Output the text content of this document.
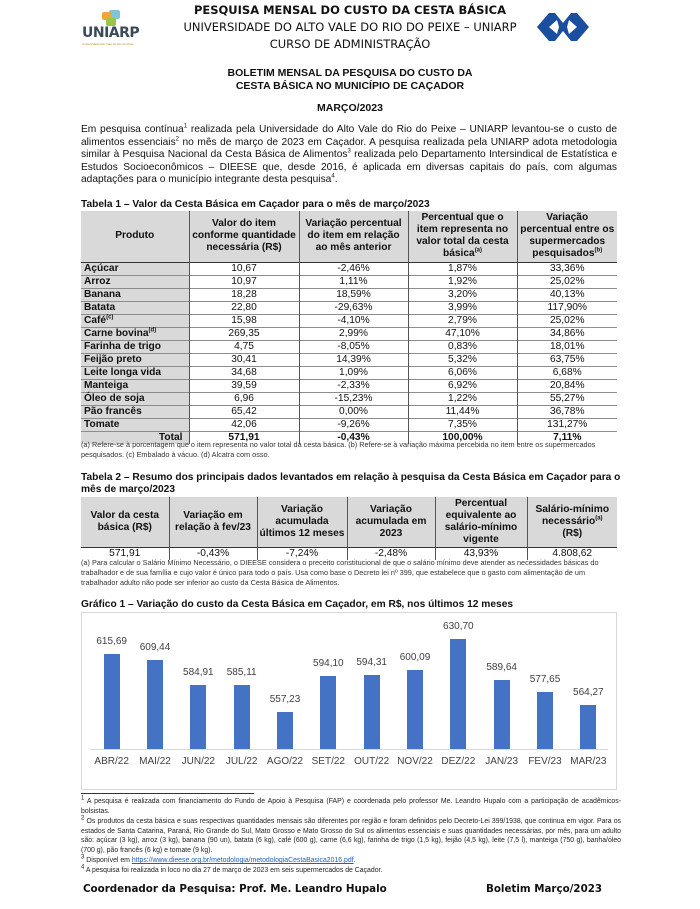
UNIARP
Universidade Alto Vale do Rio do Peixe
PESQUISA MENSAL DO CUSTO DA CESTA BÁSICA
UNIVERSIDADE DO ALTO VALE DO RIO DO PEIXE – UNIARP
CURSO DE ADMINISTRAÇÃO
BOLETIM MENSAL DA PESQUISA DO CUSTO DA
CESTA BÁSICA NO MUNICÍPIO DE CAÇADOR
MARÇO/2023

Em pesquisa contínua$^1$ realizada pela Universidade do Alto Vale do Rio do Peixe – UNIARP levantou-se o custo de alimentos essenciais$^2$ no mês de março de 2023 em Caçador. A pesquisa realizada pela UNIARP adota metodologia similar à Pesquisa Nacional da Cesta Básica de Alimentos$^3$ realizada pelo Departamento Intersindical de Estatística e Estudos Socioeconômicos – DIEESE que, desde 2016, é aplicada em diversas capitais do país, com algumas adaptações para o município integrante desta pesquisa$^4$.

Tabela 1 – Valor da Cesta Básica em Caçador para o mês de março/2023
Produto	Valor do item conforme quantidade necessária (R$)	Variação percentual do item em relação ao mês anterior	Percentual que o item representa no valor total da cesta básica$^{(a)}$	Variação percentual entre os supermercados pesquisados$^{(b)}$
Açúcar	10,67	-2,46%	1,87%	33,36%
Arroz	10,97	1,11%	1,92%	25,02%
Banana	18,28	18,59%	3,20%	40,13%
Batata	22,80	-29,63%	3,99%	117,90%
Café$^{(c)}$	15,98	-4,10%	2,79%	25,02%
Carne bovina$^{(d)}$	269,35	2,99%	47,10%	34,86%
Farinha de trigo	4,75	-8,05%	0,83%	18,01%
Feijão preto	30,41	14,39%	5,32%	63,75%
Leite longa vida	34,68	1,09%	6,06%	6,68%
Manteiga	39,59	-2,33%	6,92%	20,84%
Óleo de soja	6,96	-15,23%	1,22%	55,27%
Pão francês	65,42	0,00%	11,44%	36,78%
Tomate	42,06	-9,26%	7,35%	131,27%
Total	571,91	-0,43%	100,00%	7,11%
(a) Refere-se à porcentagem que o item representa no valor total da cesta básica. (b) Refere-se à variação máxima percebida no item entre os supermercados pesquisados. (c) Embalado à vácuo. (d) Alcatra com osso.
Tabela 2 – Resumo dos principais dados levantados em relação à pesquisa da Cesta Básica em Caçador para o mês de março/2023
Valor da cesta básica (R$)	Variação em relação à fev/23	Variação acumulada últimos 12 meses	Variação acumulada em 2023	Percentual equivalente ao salário-mínimo vigente	Salário-mínimo necessário$^{(a)}$
(R$)
571,91	-0,43%	-7,24%	-2,48%	43,93%	4.808,62
(a) Para calcular o Salário Mínimo Necessário, o DIEESE considera o preceito constitucional de que o salário mínimo deve atender as necessidades básicas do trabalhador e de sua família e cujo valor é único para todo o país. Usa como base o Decreto lei nº 399, que estabelece que o gasto com alimentação de um trabalhador adulto não pode ser inferior ao custo da Cesta Básica de Alimentos.
Gráfico 1 – Variação do custo da Cesta Básica em Caçador, em R$, nos últimos 12 meses
615,69
ABR/22
609,44
MAI/22
584,91
JUN/22
585,11
JUL/22
557,23
AGO/22
594,10
SET/22
594,31
OUT/22
600,09
NOV/22
630,70
DEZ/22
589,64
JAN/23
577,65
FEV/23
564,27
MAR/23
$^1$ A pesquisa é realizada com financiamento do Fundo de Apoio à Pesquisa (FAP) e coordenada pelo professor Me. Leandro Hupalo com a participação de acadêmicos-bolsistas.
$^2$ Os produtos da cesta básica e suas respectivas quantidades mensais são diferentes por região e foram definidos pelo Decreto-Lei 399/1938, que continua em vigor. Para os estados de Santa Catarina, Paraná, Rio Grande do Sul, Mato Grosso e Mato Grosso do Sul os alimentos essenciais e suas quantidades necessárias, por mês, para um adulto são: açúcar (3 kg), arroz (3 kg), banana (90 un), batata (6 kg), café (600 g), carne (6,6 kg), farinha de trigo (1,5 kg), feijão (4,5 kg), leite (7,5 l), manteiga (750 g), banha/óleo (700 g), pão francês (6 kg) e tomate (9 kg).
$^3$ Disponível em https://www.dieese.org.br/metodologia/metodologiaCestaBasica2016.pdf.
$^4$ A pesquisa foi realizada in loco no dia 27 de março de 2023 em seis supermercados de Caçador.
Coordenador da Pesquisa: Prof. Me. Leandro Hupalo	Boletim Março/2023
